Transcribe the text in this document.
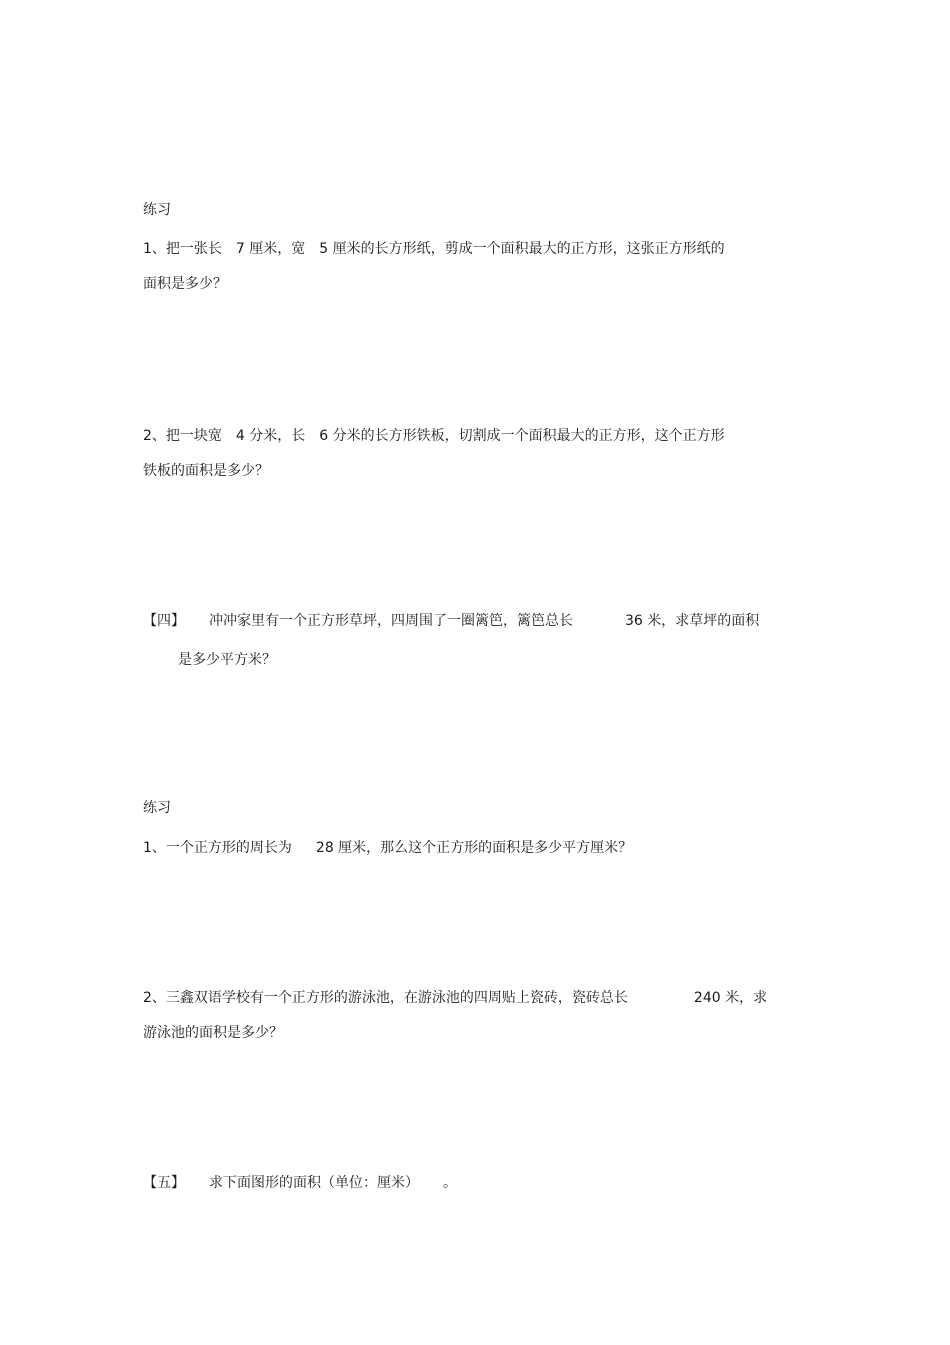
练习
1、把一张长 7 厘米，宽 5 厘米的长方形纸，剪成一个面积最大的正方形，这张正方形纸的
面积是多少？
2、把一块宽 4 分米，长 6 分米的长方形铁板，切割成一个面积最大的正方形，这个正方形
铁板的面积是多少？
【四】 冲冲家里有一个正方形草坪，四周围了一圈篱笆，篱笆总长	36 米，求草坪的面积
是多少平方米？
练习
1、一个正方形的周长为 28 厘米，那么这个正方形的面积是多少平方厘米？
2、三鑫双语学校有一个正方形的游泳池，在游泳池的四周贴上瓷砖，瓷砖总长	240 米，求
游泳池的面积是多少？
【五】 求下面图形的面积（单位：厘米） 。
